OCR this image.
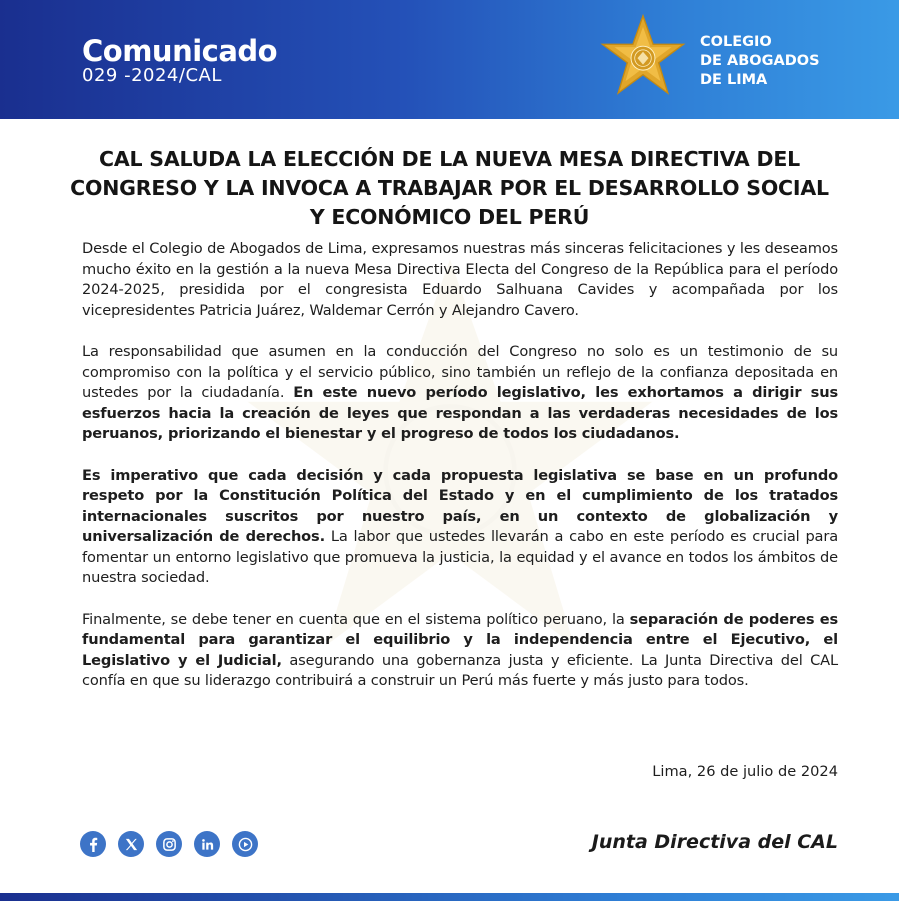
Comunicado
029 -2024/CAL
COLEGIO
DE ABOGADOS
DE LIMA
CAL SALUDA LA ELECCIÓN DE LA NUEVA MESA DIRECTIVA DEL CONGRESO Y LA INVOCA A TRABAJAR POR EL DESARROLLO SOCIAL Y ECONÓMICO DEL PERÚ

Desde el Colegio de Abogados de Lima, expresamos nuestras más sinceras felicitaciones y les deseamos mucho éxito en la gestión a la nueva Mesa Directiva Electa del Congreso de la República para el período 2024-2025, presidida por el congresista Eduardo Salhuana Cavides y acompañada por los vicepresidentes Patricia Juárez, Waldemar Cerrón y Alejandro Cavero.

La responsabilidad que asumen en la conducción del Congreso no solo es un testimonio de su compromiso con la política y el servicio público, sino también un reflejo de la confianza depositada en ustedes por la ciudadanía. En este nuevo período legislativo, les exhortamos a dirigir sus esfuerzos hacia la creación de leyes que respondan a las verdaderas necesidades de los peruanos, priorizando el bienestar y el progreso de todos los ciudadanos.

Es imperativo que cada decisión y cada propuesta legislativa se base en un profundo respeto por la Constitución Política del Estado y en el cumplimiento de los tratados internacionales suscritos por nuestro país, en un contexto de globalización y universalización de derechos. La labor que ustedes llevarán a cabo en este período es crucial para fomentar un entorno legislativo que promueva la justicia, la equidad y el avance en todos los ámbitos de nuestra sociedad.

Finalmente, se debe tener en cuenta que en el sistema político peruano, la separación de poderes es fundamental para garantizar el equilibrio y la independencia entre el Ejecutivo, el Legislativo y el Judicial, asegurando una gobernanza justa y eficiente. La Junta Directiva del CAL confía en que su liderazgo contribuirá a construir un Perú más fuerte y más justo para todos.

Lima, 26 de julio de 2024
Junta Directiva del CAL
